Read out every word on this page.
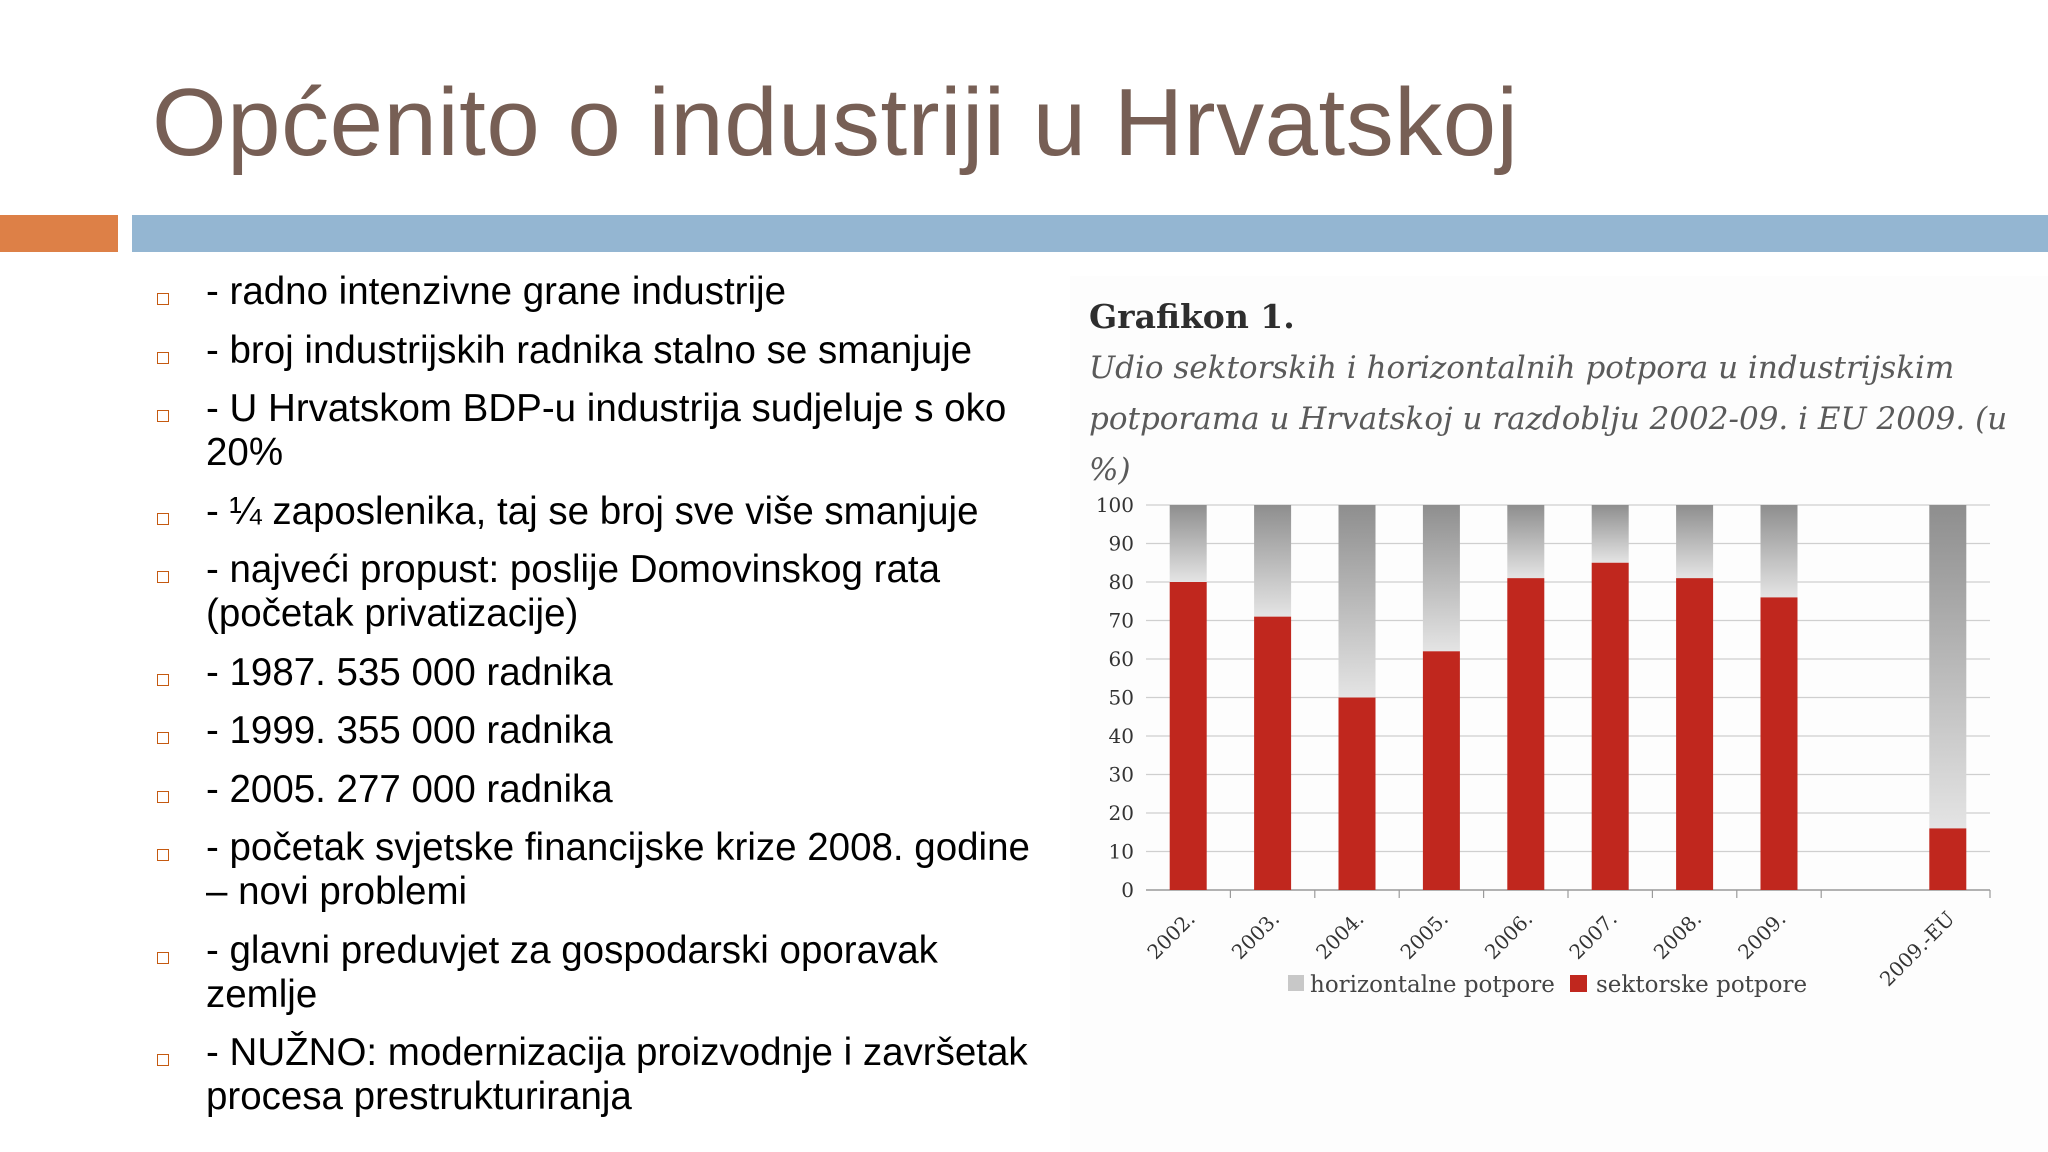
Općenito o industriji u Hrvatskoj
- radno intenzivne grane industrije
- broj industrijskih radnika stalno se smanjuje
- U Hrvatskom BDP-u industrija sudjeluje s oko 20%
- ¼ zaposlenika, taj se broj sve više smanjuje
- najveći propust: poslije Domovinskog rata (početak privatizacije)
- 1987. 535 000 radnika
- 1999. 355 000 radnika
- 2005. 277 000 radnika
- početak svjetske financijske krize 2008. godine – novi problemi
- glavni preduvjet za gospodarski oporavak zemlje
- NUŽNO: modernizacija proizvodnje i završetak procesa prestrukturiranja
Grafikon 1.
Udio sektorskih i horizontalnih potpora u industrijskim potporama u Hrvatskoj u razdoblju 2002-09. i EU 2009. (u %)
0
10
20
30
40
50
60
70
80
90
100
2002. 2003. 2004. 2005. 2006. 2007. 2008. 2009.	2009.-EU
horizontalne potpore sektorske potpore
